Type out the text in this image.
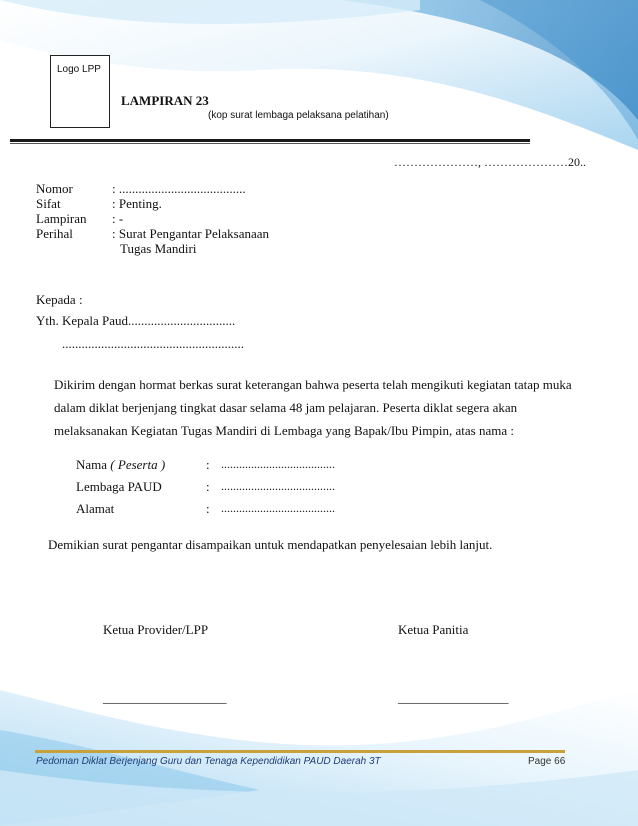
Logo LPP
LAMPIRAN 23
(kop surat lembaga pelaksana pelatihan)
…………………, …………………20..
Nomor	: .......................................
Sifat	: Penting.
Lampiran : -
Perihal	: Surat Pengantar Pelaksanaan
Tugas Mandiri
Kepada :
Yth. Kepala Paud.................................
........................................................
Dikirim dengan hormat berkas surat keterangan bahwa peserta telah mengikuti kegiatan tatap muka
dalam diklat berjenjang tingkat dasar selama 48 jam pelajaran. Peserta diklat segera akan
melaksanakan Kegiatan Tugas Mandiri di Lembaga yang Bapak/Ibu Pimpin, atas nama :
Nama ( Peserta )	: ......................................
Lembaga PAUD	: ......................................
Alamat	: ......................................
Demikian surat pengantar disampaikan untuk mendapatkan penyelesaian lebih lanjut.
Ketua Provider/LPP	Ketua Panitia
___________________	_________________
Pedoman Diklat Berjenjang Guru dan Tenaga Kependidikan PAUD Daerah 3T	Page 66
